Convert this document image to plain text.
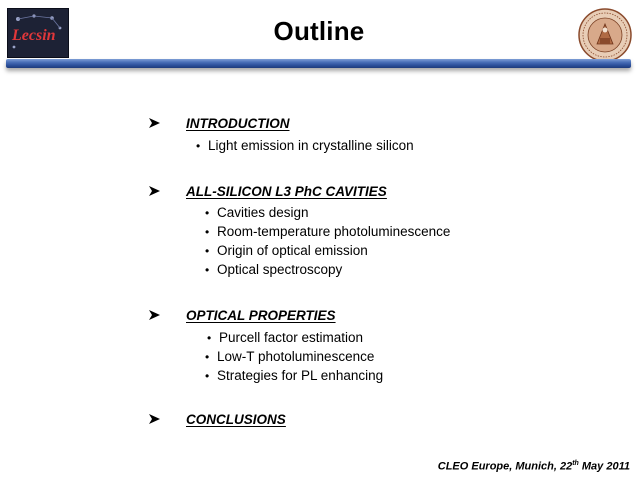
Lecsin	Outline
INTRODUCTION
• Light emission in crystalline silicon
ALL-SILICON L3 PhC CAVITIES
• Cavities design
• Room-temperature photoluminescence
• Origin of optical emission
• Optical spectroscopy
OPTICAL PROPERTIES
• Purcell factor estimation
• Low-T photoluminescence
• Strategies for PL enhancing
CONCLUSIONS
CLEO Europe, Munich, 22th May 2011
